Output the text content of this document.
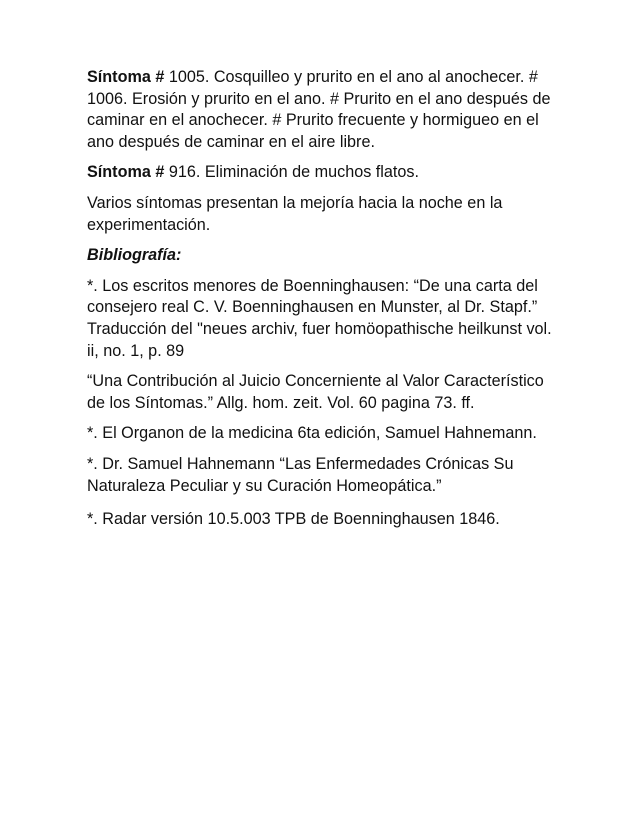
Síntoma # 1005. Cosquilleo y prurito en el ano al anochecer. # 1006. Erosión y prurito en el ano. # Prurito en el ano después de caminar en el anochecer. # Prurito frecuente y hormigueo en el ano después de caminar en el aire libre.

Síntoma # 916. Eliminación de muchos flatos.

Varios síntomas presentan la mejoría hacia la noche en la experimentación.

Bibliografía:

*. Los escritos menores de Boenninghausen: “De una carta del consejero real C. V. Boenninghausen en Munster, al Dr. Stapf.” Traducción del "neues archiv, fuer homöopathische heilkunst vol. ii, no. 1, p. 89

“Una Contribución al Juicio Concerniente al Valor Característico de los Síntomas.” Allg. hom. zeit. Vol. 60 pagina 73. ff.

*. El Organon de la medicina 6ta edición, Samuel Hahnemann.

*. Dr. Samuel Hahnemann “Las Enfermedades Crónicas Su Naturaleza Peculiar y su Curación Homeopática.”

*. Radar versión 10.5.003 TPB de Boenninghausen 1846.
